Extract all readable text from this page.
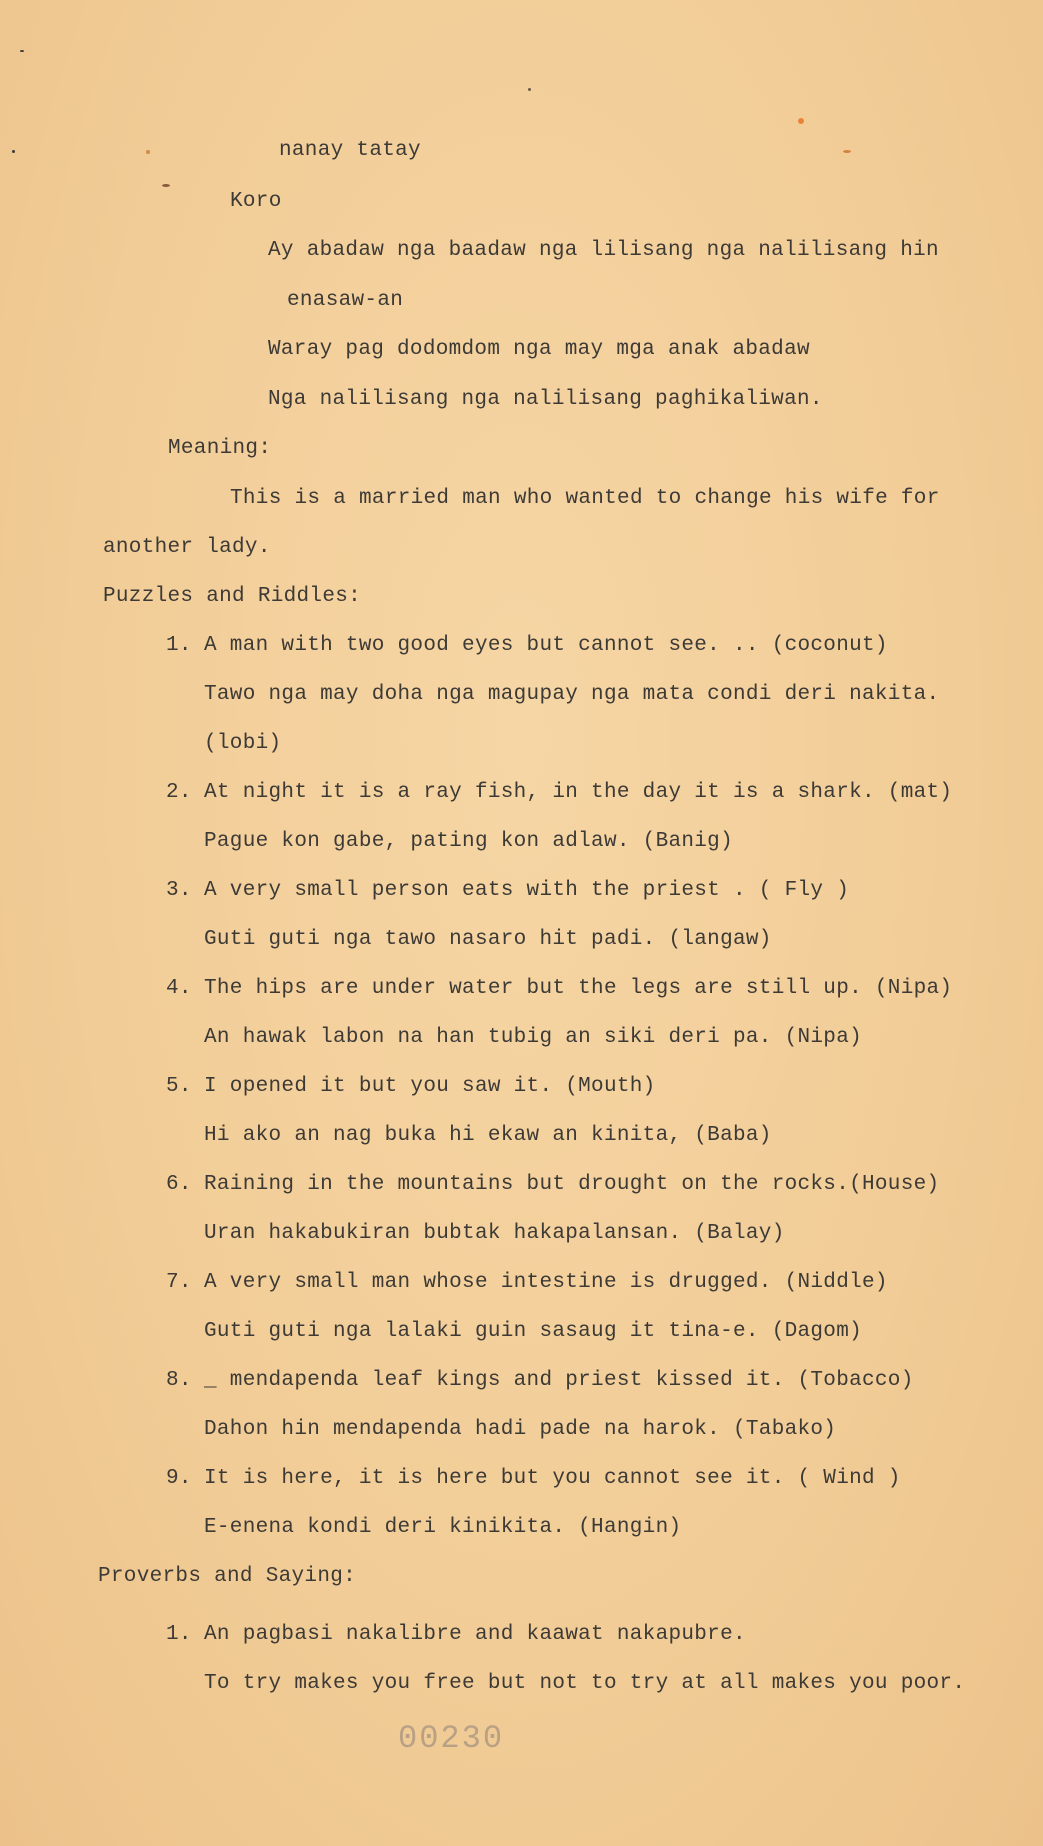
nanay tatay
Koro
Ay abadaw nga baadaw nga lilisang nga nalilisang hin
enasaw-an
Waray pag dodomdom nga may mga anak abadaw
Nga nalilisang nga nalilisang paghikaliwan.
Meaning:
This is a married man who wanted to change his wife for
another lady.
Puzzles and Riddles:
1. A man with two good eyes but cannot see. .. (coconut)
Tawo nga may doha nga magupay nga mata condi deri nakita.
(lobi)
2. At night it is a ray fish, in the day it is a shark. (mat)
Pague kon gabe, pating kon adlaw. (Banig)
3. A very small person eats with the priest . ( Fly )
Guti guti nga tawo nasaro hit padi. (langaw)
4. The hips are under water but the legs are still up. (Nipa)
An hawak labon na han tubig an siki deri pa. (Nipa)
5. I opened it but you saw it. (Mouth)
Hi ako an nag buka hi ekaw an kinita, (Baba)
6. Raining in the mountains but drought on the rocks.(House)
Uran hakabukiran bubtak hakapalansan. (Balay)
7. A very small man whose intestine is drugged. (Niddle)
Guti guti nga lalaki guin sasaug it tina-e. (Dagom)
8. _ mendapenda leaf kings and priest kissed it. (Tobacco)
Dahon hin mendapenda hadi pade na harok. (Tabako)
9. It is here, it is here but you cannot see it. ( Wind )
E-enena kondi deri kinikita. (Hangin)
Proverbs and Saying:
1. An pagbasi nakalibre and kaawat nakapubre.
To try makes you free but not to try at all makes you poor.
00230
